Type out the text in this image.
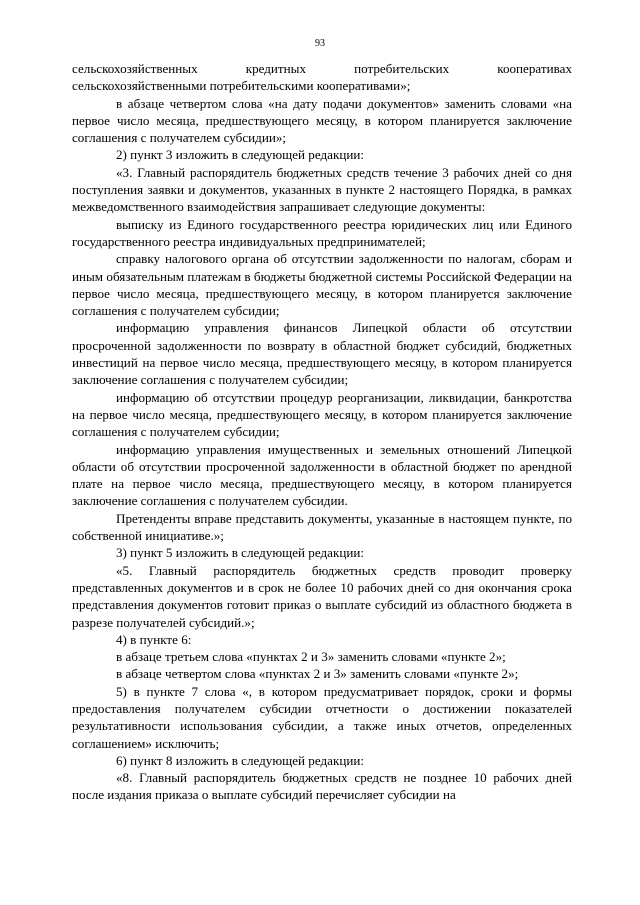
93

сельскохозяйственных кредитных потребительских кооперативах сельскохозяйственными потребительскими кооперативами»;

в абзаце четвертом слова «на дату подачи документов» заменить словами «на первое число месяца, предшествующего месяцу, в котором планируется заключение соглашения с получателем субсидии»;

2) пункт 3 изложить в следующей редакции:

«3. Главный распорядитель бюджетных средств течение 3 рабочих дней со дня поступления заявки и документов, указанных в пункте 2 настоящего Порядка, в рамках межведомственного взаимодействия запрашивает следующие документы:

выписку из Единого государственного реестра юридических лиц или Единого государственного реестра индивидуальных предпринимателей;

справку налогового органа об отсутствии задолженности по налогам, сборам и иным обязательным платежам в бюджеты бюджетной системы Российской Федерации на первое число месяца, предшествующего месяцу, в котором планируется заключение соглашения с получателем субсидии;

информацию управления финансов Липецкой области об отсутствии просроченной задолженности по возврату в областной бюджет субсидий, бюджетных инвестиций на первое число месяца, предшествующего месяцу, в котором планируется заключение соглашения с получателем субсидии;

информацию об отсутствии процедур реорганизации, ликвидации, банкротства на первое число месяца, предшествующего месяцу, в котором планируется заключение соглашения с получателем субсидии;

информацию управления имущественных и земельных отношений Липецкой области об отсутствии просроченной задолженности в областной бюджет по арендной плате на первое число месяца, предшествующего месяцу, в котором планируется заключение соглашения с получателем субсидии.

Претенденты вправе представить документы, указанные в настоящем пункте, по собственной инициативе.»;

3) пункт 5 изложить в следующей редакции:

«5. Главный распорядитель бюджетных средств проводит проверку представленных документов и в срок не более 10 рабочих дней со дня окончания срока представления документов готовит приказ о выплате субсидий из областного бюджета в разрезе получателей субсидий.»;

4) в пункте 6:

в абзаце третьем слова «пунктах 2 и 3» заменить словами «пункте 2»;

в абзаце четвертом слова «пунктах 2 и 3» заменить словами «пункте 2»;

5) в пункте 7 слова «, в котором предусматривает порядок, сроки и формы предоставления получателем субсидии отчетности о достижении показателей результативности использования субсидии, а также иных отчетов, определенных соглашением» исключить;

6) пункт 8 изложить в следующей редакции:

«8. Главный распорядитель бюджетных средств не позднее 10 рабочих дней после издания приказа о выплате субсидий перечисляет субсидии на
